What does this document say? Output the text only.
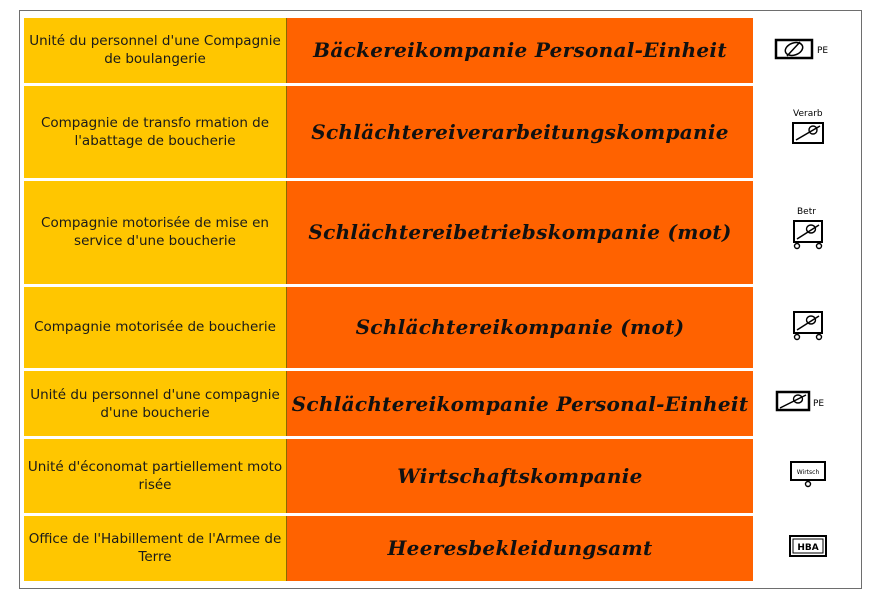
Unité du personnel d'une Compagnie de boulangerie	Bäckereikompanie Personal-Einheit	PE

Compagnie de transfo rmation de l'abattage de boucherie	Schlächtereiverarbeitungskompanie	Verarb

Compagnie motorisée de mise en service d'une boucherie	Schlächtereibetriebskompanie (mot)	Betr

Compagnie motorisée de boucherie	Schlächtereikompanie (mot)	
Unité du personnel d'une compagnie d'une boucherie	Schlächtereikompanie Personal-Einheit	PE

Unité d'économat partiellement moto risée	Wirtschaftskompanie	Wirtsch

Office de l'Habillement de l'Armee de Terre	Heeresbekleidungsamt	HBA
